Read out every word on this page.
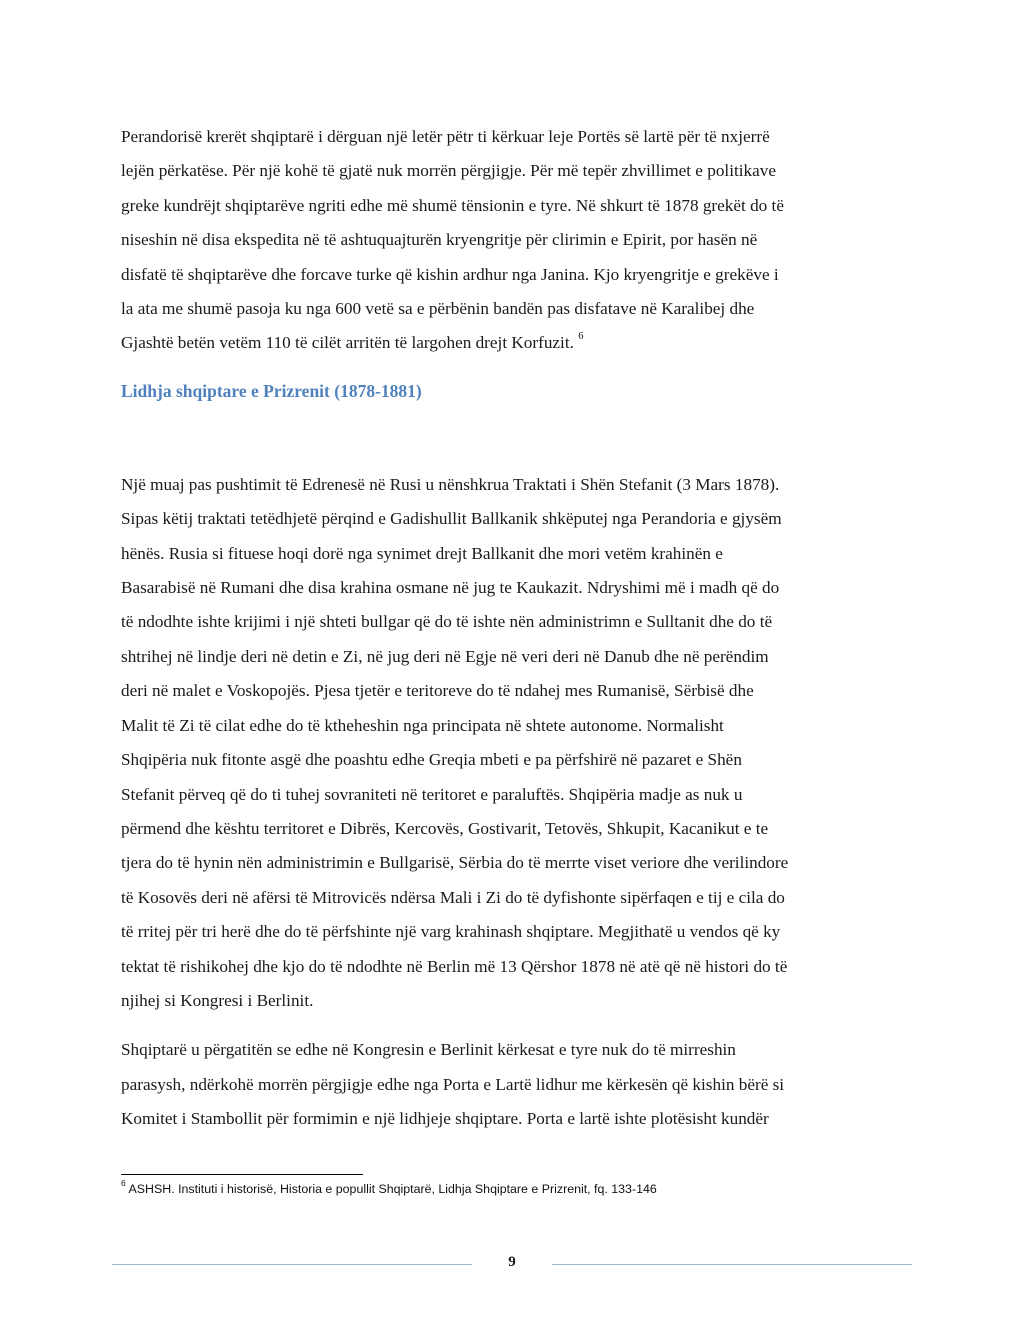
Perandorisë krerët shqiptarë i dërguan një letër pëtr ti kërkuar leje Portës së lartë për të nxjerrë
lejën përkatëse. Për një kohë të gjatë nuk morrën përgjigje. Për më tepër zhvillimet e politikave
greke kundrëjt shqiptarëve ngriti edhe më shumë tënsionin e tyre. Në shkurt të 1878 grekët do të
niseshin në disa ekspedita në të ashtuquajturën kryengritje për clirimin e Epirit, por hasën në
disfatë të shqiptarëve dhe forcave turke që kishin ardhur nga Janina. Kjo kryengritje e grekëve i
la ata me shumë pasoja ku nga 600 vetë sa e përbënin bandën pas disfatave në Karalibej dhe
Gjashtë betën vetëm 110 të cilët arritën të largohen drejt Korfuzit. $^6$

Lidhja shqiptare e Prizrenit (1878-1881)

Një muaj pas pushtimit të Edrenesë në Rusi u nënshkrua Traktati i Shën Stefanit (3 Mars 1878).
Sipas këtij traktati tetëdhjetë përqind e Gadishullit Ballkanik shkëputej nga Perandoria e gjysëm
hënës. Rusia si fituese hoqi dorë nga synimet drejt Ballkanit dhe mori vetëm krahinën e
Basarabisë në Rumani dhe disa krahina osmane në jug te Kaukazit. Ndryshimi më i madh që do
të ndodhte ishte krijimi i një shteti bullgar që do të ishte nën administrimn e Sulltanit dhe do të
shtrihej në lindje deri në detin e Zi, në jug deri në Egje në veri deri në Danub dhe në perëndim
deri në malet e Voskopojës. Pjesa tjetër e teritoreve do të ndahej mes Rumanisë, Sërbisë dhe
Malit të Zi të cilat edhe do të ktheheshin nga principata në shtete autonome. Normalisht
Shqipëria nuk fitonte asgë dhe poashtu edhe Greqia mbeti e pa përfshirë në pazaret e Shën
Stefanit përveq që do ti tuhej sovraniteti në teritoret e paraluftës. Shqipëria madje as nuk u
përmend dhe kështu territoret e Dibrës, Kercovës, Gostivarit, Tetovës, Shkupit, Kacanikut e te
tjera do të hynin nën administrimin e Bullgarisë, Sërbia do të merrte viset veriore dhe verilindore
të Kosovës deri në afërsi të Mitrovicës ndërsa Mali i Zi do të dyfishonte sipërfaqen e tij e cila do
të rritej për tri herë dhe do të përfshinte një varg krahinash shqiptare. Megjithatë u vendos që ky
tektat të rishikohej dhe kjo do të ndodhte në Berlin më 13 Qërshor 1878 në atë që në histori do të
njihej si Kongresi i Berlinit.

Shqiptarë u përgatitën se edhe në Kongresin e Berlinit kërkesat e tyre nuk do të mirreshin
parasysh, ndërkohë morrën përgjigje edhe nga Porta e Lartë lidhur me kërkesën që kishin bërë si
Komitet i Stambollit për formimin e një lidhjeje shqiptare. Porta e lartë ishte plotësisht kundër

$^6$ ASHSH. Instituti i historisë, Historia e popullit Shqiptarë, Lidhja Shqiptare e Prizrenit, fq. 133-146
9
